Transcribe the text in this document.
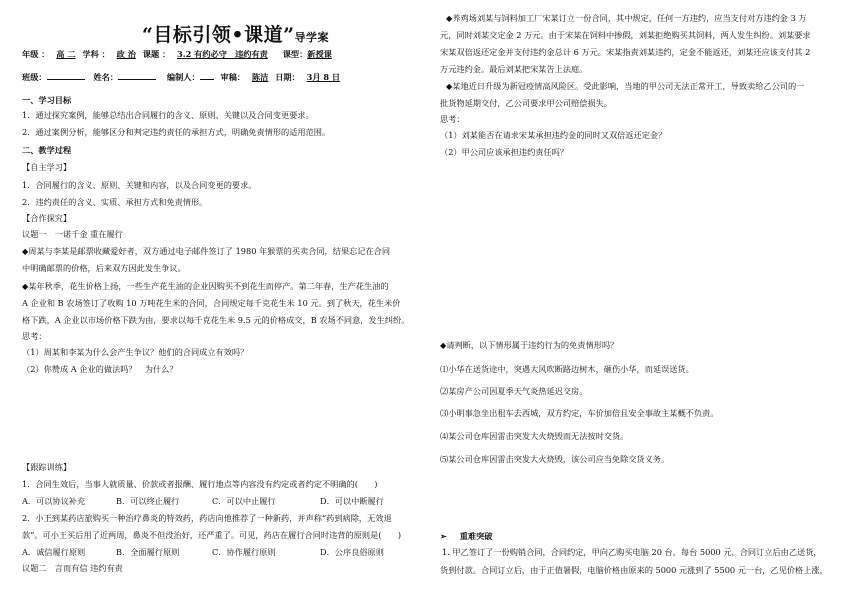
“目标引领•课道”导学案
年级 ： 高 二 学科 ： 政 治 课题 ： 3.2 有约必守　违约有责 课型：新授课
班级：	姓名：	编制人：	审稿： 陈洁 日期： 3月 8 日
一、学习目标
1．通过探究案例，能够总结出合同履行的含义、原则、关键以及合同变更要求。
2．通过案例分析，能够区分和判定违约责任的承担方式，明确免责情形的适用范围。
二、教学过程
【自主学习】
1．合同履行的含义、原则、关键和内容，以及合同变更的要求。
2．违约责任的含义、实质、承担方式和免责情形。
【合作探究】
议题一　一诺千金 重在履行
◆周某与李某是邮票收藏爱好者，双方通过电子邮件签订了 1980 年猴票的买卖合同，结果忘记在合同
中明确邮票的价格，后来双方因此发生争议。
◆某年秋季，花生价格上扬，一些生产花生油的企业因购买不到花生而停产。第二年春，生产花生油的
A 企业和 B 农场签订了收购 10 万吨花生米的合同，合同规定每千克花生米 10 元。到了秋天，花生米价
格下跌，A 企业以市场价格下跌为由，要求以每千克花生米 9.5 元的价格成交，B 农场不同意，发生纠纷。
思考：
（1）周某和李某为什么会产生争议？他们的合同成立有效吗？
（2）你赞成 A 企业的做法吗？　为什么？
【跟踪训练】
1．合同生效后，当事人就质量、价款或者报酬、履行地点等内容没有约定或者约定不明确的(　　)
A．可以协议补充	B．可以终止履行	C．可以中止履行	D．可以中断履行
2．小王到某药店旅购买一种治疗鼻炎的特效药，药店向他推荐了一种新药，并声称“药到病除，无效退
款”。可小王买后用了近两周，鼻炎不但没治好，还严重了。可见，药店在履行合同时违背的原则是(　　)
A．诚信履行原则	B．全面履行原则	C．协作履行原则	D．公序良俗原则
议题二　言而有信 违约有责
◆养鸡场刘某与饲料加工厂宋某订立一份合同，其中规定，任何一方违约，应当支付对方违约金 3 万
元，同时刘某交定金 2 万元。由于宋某在饲料中掺假，刘某拒绝购买其饲料，两人发生纠纷。刘某要求
宋某双倍返还定金并支付违约金总计 6 万元。宋某指责刘某违约，定金不能返还，刘某还应该支付其 2
万元违约金。最后刘某把宋某告上法庭。
◆某地近日升级为新冠疫情高风险区。受此影响，当地的甲公司无法正常开工，导致卖给乙公司的一
批货物延期交付，乙公司要求甲公司赔偿损失。
思考：
（1）刘某能否在请求宋某承担违约金的同时又双倍返还定金？
（2）甲公司应该承担违约责任吗？
◆请判断，以下情形属于违约行为的免责情形吗？
⑴小华在送货途中，突遇大风吹断路边树木，砸伤小华，而延误送货。
⑵某房产公司因夏季天气炎热延迟交房。
⑶小明事急坐出租车去西城，双方约定，车价加倍且安全事故主某概不负责。
⑷某公司仓库因雷击突发大火烧毁而无法按时交货。
⑸某公司仓库因雷击突发大火烧毁，该公司应当免除交货义务。
➢ 重难突破
1. 甲乙签订了一份购销合同，合同约定，甲向乙购买电脑 20 台，每台 5000 元，合同订立后由乙送货，
货到付款。合同订立后，由于正值暑假，电脑价格由原来的 5000 元涨到了 5500 元一台，乙见价格上涨，
